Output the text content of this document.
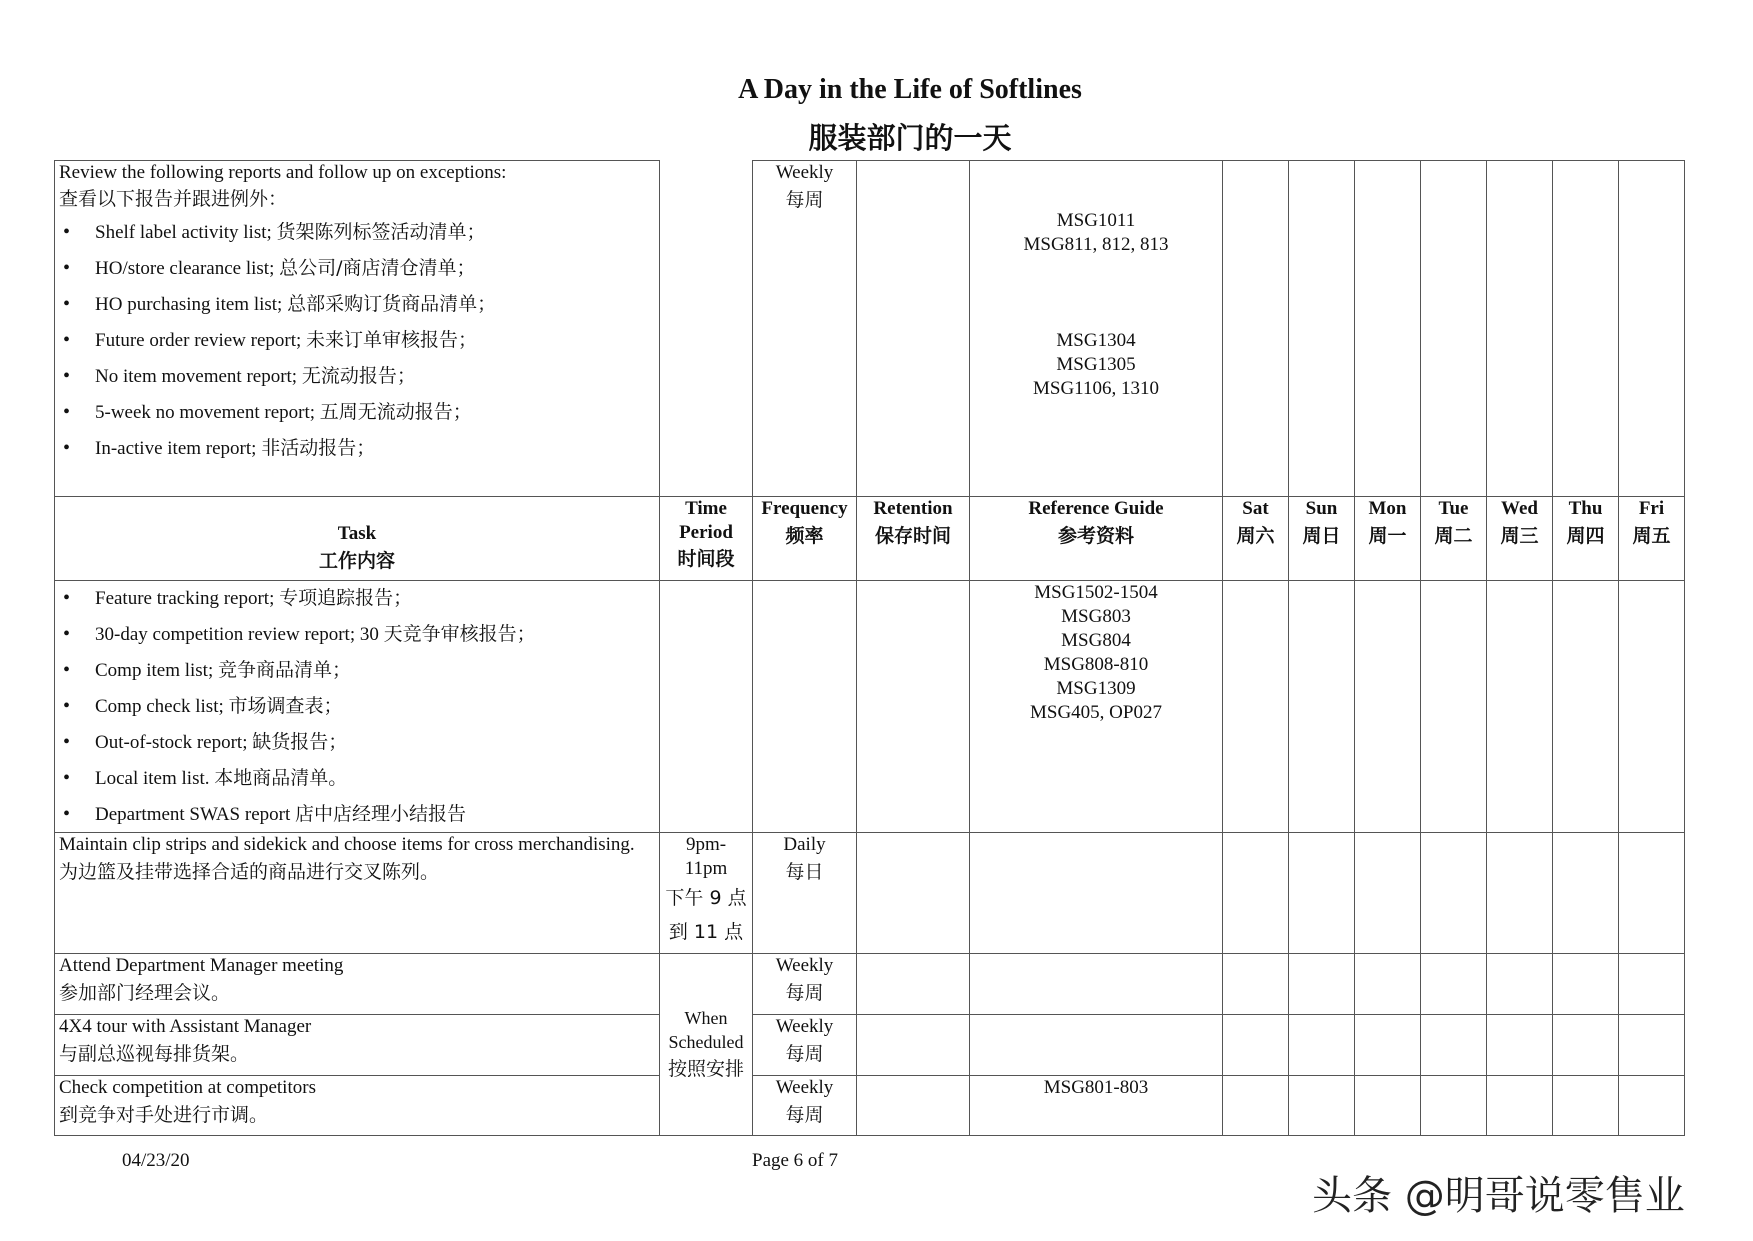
A Day in the Life of Softlines
服装部门的一天
Review the following reports and follow up on exceptions:
查看以下报告并跟进例外：
• Shelf label activity list; 货架陈列标签活动清单；
• HO/store clearance list; 总公司/商店清仓清单；
• HO purchasing item list; 总部采购订货商品清单；
• Future order review report; 未来订单审核报告；
• No item movement report; 无流动报告；
• 5-week no movement report; 五周无流动报告；
• In-active item report; 非活动报告；
Weekly
每周
MSG1011
MSG811, 812, 813
MSG1304
MSG1305
MSG1106, 1310
Task
工作内容
Time
Period
时间段
Frequency
频率
Retention
保存时间
Reference Guide
参考资料
Sat
周六
Sun
周日
Mon
周一
Tue
周二
Wed
周三
Thu
周四
Fri
周五
• Feature tracking report; 专项追踪报告；
• 30-day competition review report; 30 天竞争审核报告；
• Comp item list; 竞争商品清单；
• Comp check list; 市场调查表；
• Out-of-stock report; 缺货报告；
• Local item list. 本地商品清单。
• Department SWAS report 店中店经理小结报告
MSG1502-1504
MSG803
MSG804
MSG808-810
MSG1309
MSG405, OP027
Maintain clip strips and sidekick and choose items for cross merchandising.
为边篮及挂带选择合适的商品进行交叉陈列。
9pm-
11pm
下午 9 点
到 11 点
Daily
每日
When
Scheduled
按照安排
Attend Department Manager meeting
参加部门经理会议。
Weekly
每周
4X4 tour with Assistant Manager
与副总巡视每排货架。
Weekly
每周
Check competition at competitors
到竞争对手处进行市调。
Weekly
每周
MSG801-803
04/23/20	Page 6 of 7
头条 @明哥说零售业
